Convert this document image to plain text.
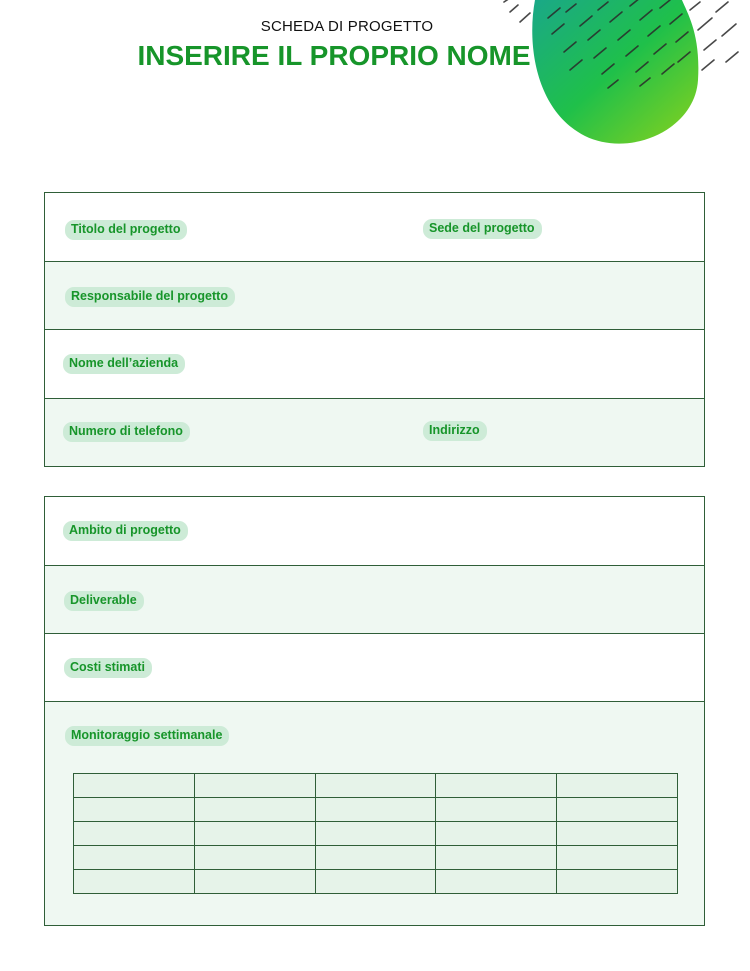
SCHEDA DI PROGETTO
INSERIRE IL PROPRIO NOME
Titolo del progetto	Sede del progetto
Responsabile del progetto
Nome dell’azienda
Numero di telefono	Indirizzo
Ambito di progetto
Deliverable
Costi stimati
Monitoraggio settimanale
